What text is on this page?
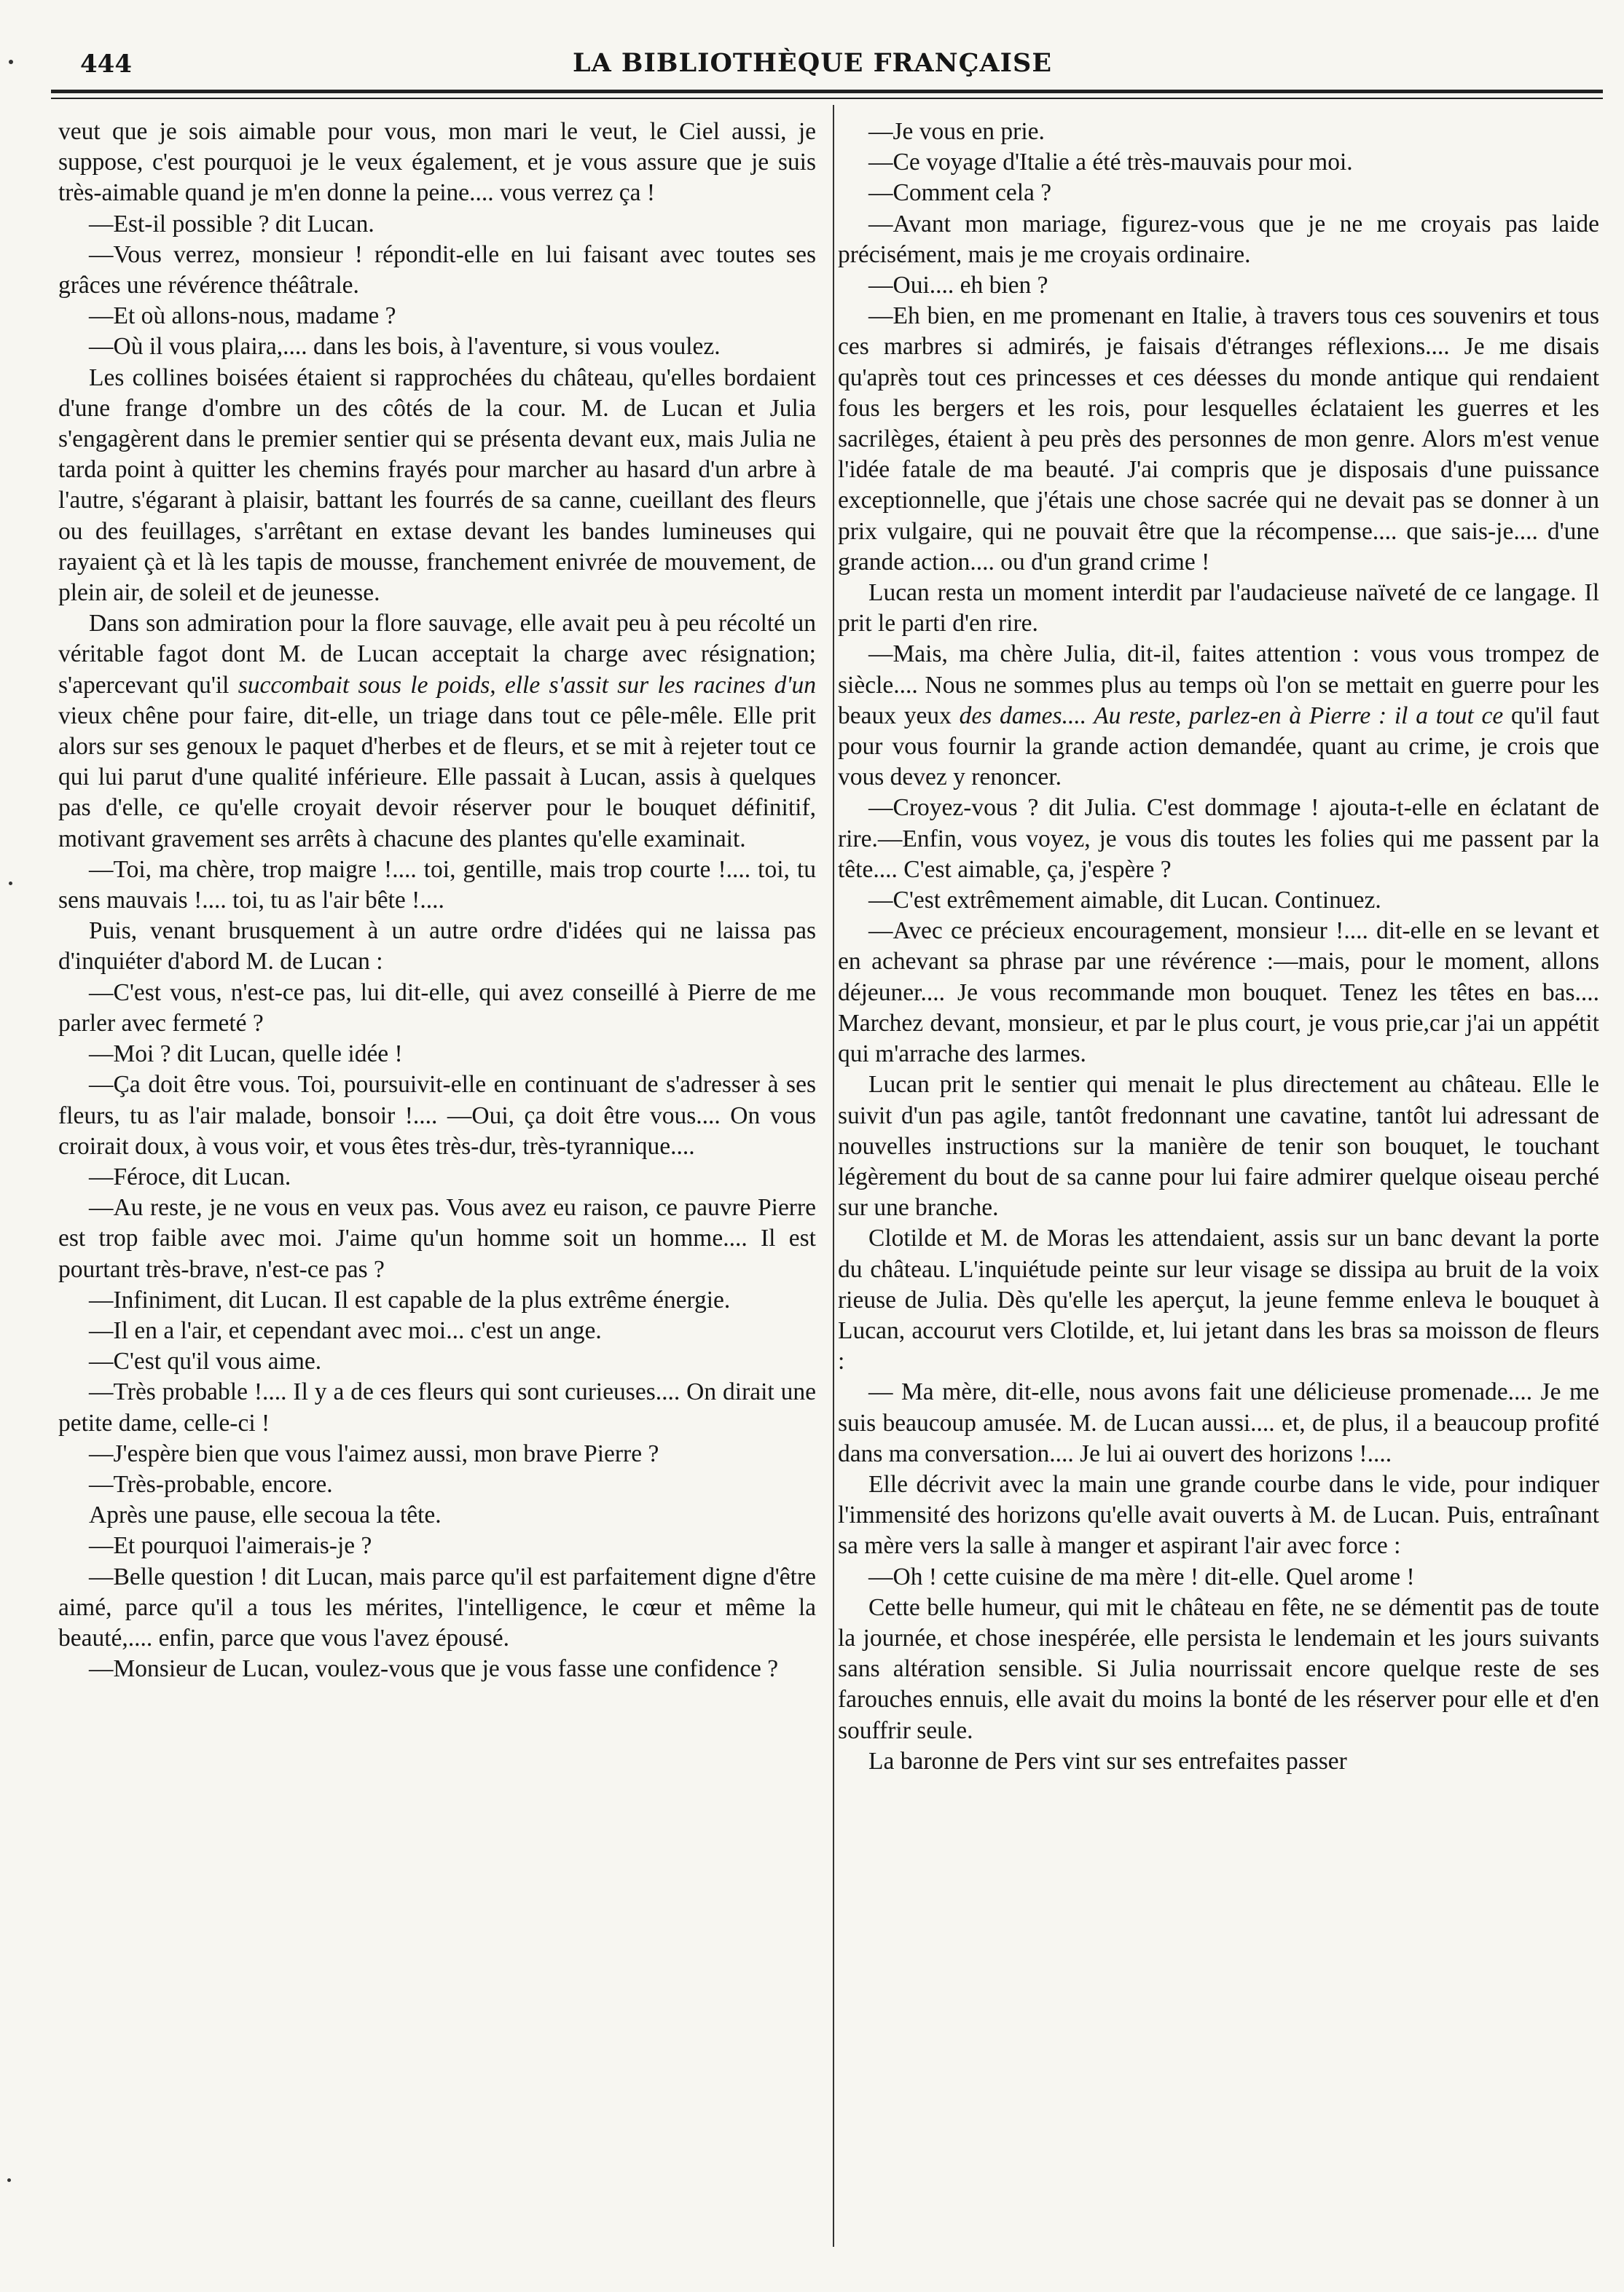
444	LA BIBLIOTHÈQUE FRANÇAISE

veut que je sois aimable pour vous, mon mari le veut, le Ciel aussi, je suppose, c'est pourquoi je le veux également, et je vous assure que je suis très-aimable quand je m'en donne la peine.... vous verrez ça !

—Est-il possible ? dit Lucan.

—Vous verrez, monsieur ! répondit-elle en lui faisant avec toutes ses grâces une révérence théâtrale.

—Et où allons-nous, madame ?

—Où il vous plaira,.... dans les bois, à l'aventure, si vous voulez.

Les collines boisées étaient si rapprochées du château, qu'elles bordaient d'une frange d'ombre un des côtés de la cour. M. de Lucan et Julia s'engagèrent dans le premier sentier qui se présenta devant eux, mais Julia ne tarda point à quitter les chemins frayés pour marcher au hasard d'un arbre à l'autre, s'égarant à plaisir, battant les fourrés de sa canne, cueillant des fleurs ou des feuillages, s'arrêtant en extase devant les bandes lumineuses qui rayaient çà et là les tapis de mousse, franchement enivrée de mouvement, de plein air, de soleil et de jeunesse.

Dans son admiration pour la flore sauvage, elle avait peu à peu récolté un véritable fagot dont M. de Lucan acceptait la charge avec résignation; s'apercevant qu'il succombait sous le poids, elle s'assit sur les racines d'un vieux chêne pour faire, dit-elle, un triage dans tout ce pêle-mêle. Elle prit alors sur ses genoux le paquet d'herbes et de fleurs, et se mit à rejeter tout ce qui lui parut d'une qualité inférieure. Elle passait à Lucan, assis à quelques pas d'elle, ce qu'elle croyait devoir réserver pour le bouquet définitif, motivant gravement ses arrêts à chacune des plantes qu'elle examinait.

—Toi, ma chère, trop maigre !.... toi, gentille, mais trop courte !.... toi, tu sens mauvais !.... toi, tu as l'air bête !....

Puis, venant brusquement à un autre ordre d'idées qui ne laissa pas d'inquiéter d'abord M. de Lucan :

—C'est vous, n'est-ce pas, lui dit-elle, qui avez conseillé à Pierre de me parler avec fermeté ?

—Moi ? dit Lucan, quelle idée !

—Ça doit être vous. Toi, poursuivit-elle en continuant de s'adresser à ses fleurs, tu as l'air malade, bonsoir !.... —Oui, ça doit être vous.... On vous croirait doux, à vous voir, et vous êtes très-dur, très-tyrannique....

—Féroce, dit Lucan.

—Au reste, je ne vous en veux pas. Vous avez eu raison, ce pauvre Pierre est trop faible avec moi. J'aime qu'un homme soit un homme.... Il est pourtant très-brave, n'est-ce pas ?

—Infiniment, dit Lucan. Il est capable de la plus extrême énergie.

—Il en a l'air, et cependant avec moi... c'est un ange.

—C'est qu'il vous aime.

—Très probable !.... Il y a de ces fleurs qui sont curieuses.... On dirait une petite dame, celle-ci !

—J'espère bien que vous l'aimez aussi, mon brave Pierre ?

—Très-probable, encore.

Après une pause, elle secoua la tête.

—Et pourquoi l'aimerais-je ?

—Belle question ! dit Lucan, mais parce qu'il est parfaitement digne d'être aimé, parce qu'il a tous les mérites, l'intelligence, le cœur et même la beauté,.... enfin, parce que vous l'avez épousé.

—Monsieur de Lucan, voulez-vous que je vous fasse une confidence ?

—Je vous en prie.

—Ce voyage d'Italie a été très-mauvais pour moi.

—Comment cela ?

—Avant mon mariage, figurez-vous que je ne me croyais pas laide précisément, mais je me croyais ordinaire.

—Oui.... eh bien ?

—Eh bien, en me promenant en Italie, à travers tous ces souvenirs et tous ces marbres si admirés, je faisais d'étranges réflexions.... Je me disais qu'après tout ces princesses et ces déesses du monde antique qui rendaient fous les bergers et les rois, pour lesquelles éclataient les guerres et les sacrilèges, étaient à peu près des personnes de mon genre. Alors m'est venue l'idée fatale de ma beauté. J'ai compris que je disposais d'une puissance exceptionnelle, que j'étais une chose sacrée qui ne devait pas se donner à un prix vulgaire, qui ne pouvait être que la récompense.... que sais-je.... d'une grande action.... ou d'un grand crime !

Lucan resta un moment interdit par l'audacieuse naïveté de ce langage. Il prit le parti d'en rire.

—Mais, ma chère Julia, dit-il, faites attention : vous vous trompez de siècle.... Nous ne sommes plus au temps où l'on se mettait en guerre pour les beaux yeux des dames.... Au reste, parlez-en à Pierre : il a tout ce qu'il faut pour vous fournir la grande action demandée, quant au crime, je crois que vous devez y renoncer.

—Croyez-vous ? dit Julia. C'est dommage ! ajouta-t-elle en éclatant de rire.—Enfin, vous voyez, je vous dis toutes les folies qui me passent par la tête.... C'est aimable, ça, j'espère ?

—C'est extrêmement aimable, dit Lucan. Continuez.

—Avec ce précieux encouragement, monsieur !.... dit-elle en se levant et en achevant sa phrase par une révérence :—mais, pour le moment, allons déjeuner.... Je vous recommande mon bouquet. Tenez les têtes en bas.... Marchez devant, monsieur, et par le plus court, je vous prie,car j'ai un appétit qui m'arrache des larmes.

Lucan prit le sentier qui menait le plus directement au château. Elle le suivit d'un pas agile, tantôt fredonnant une cavatine, tantôt lui adressant de nouvelles instructions sur la manière de tenir son bouquet, le touchant légèrement du bout de sa canne pour lui faire admirer quelque oiseau perché sur une branche.

Clotilde et M. de Moras les attendaient, assis sur un banc devant la porte du château. L'inquiétude peinte sur leur visage se dissipa au bruit de la voix rieuse de Julia. Dès qu'elle les aperçut, la jeune femme enleva le bouquet à Lucan, accourut vers Clotilde, et, lui jetant dans les bras sa moisson de fleurs :

— Ma mère, dit-elle, nous avons fait une délicieuse promenade.... Je me suis beaucoup amusée. M. de Lucan aussi.... et, de plus, il a beaucoup profité dans ma conversation.... Je lui ai ouvert des horizons !....

Elle décrivit avec la main une grande courbe dans le vide, pour indiquer l'immensité des horizons qu'elle avait ouverts à M. de Lucan. Puis, entraînant sa mère vers la salle à manger et aspirant l'air avec force :

—Oh ! cette cuisine de ma mère ! dit-elle. Quel arome !

Cette belle humeur, qui mit le château en fête, ne se démentit pas de toute la journée, et chose inespérée, elle persista le lendemain et les jours suivants sans altération sensible. Si Julia nourrissait encore quelque reste de ses farouches ennuis, elle avait du moins la bonté de les réserver pour elle et d'en souffrir seule.

La baronne de Pers vint sur ses entrefaites passer
